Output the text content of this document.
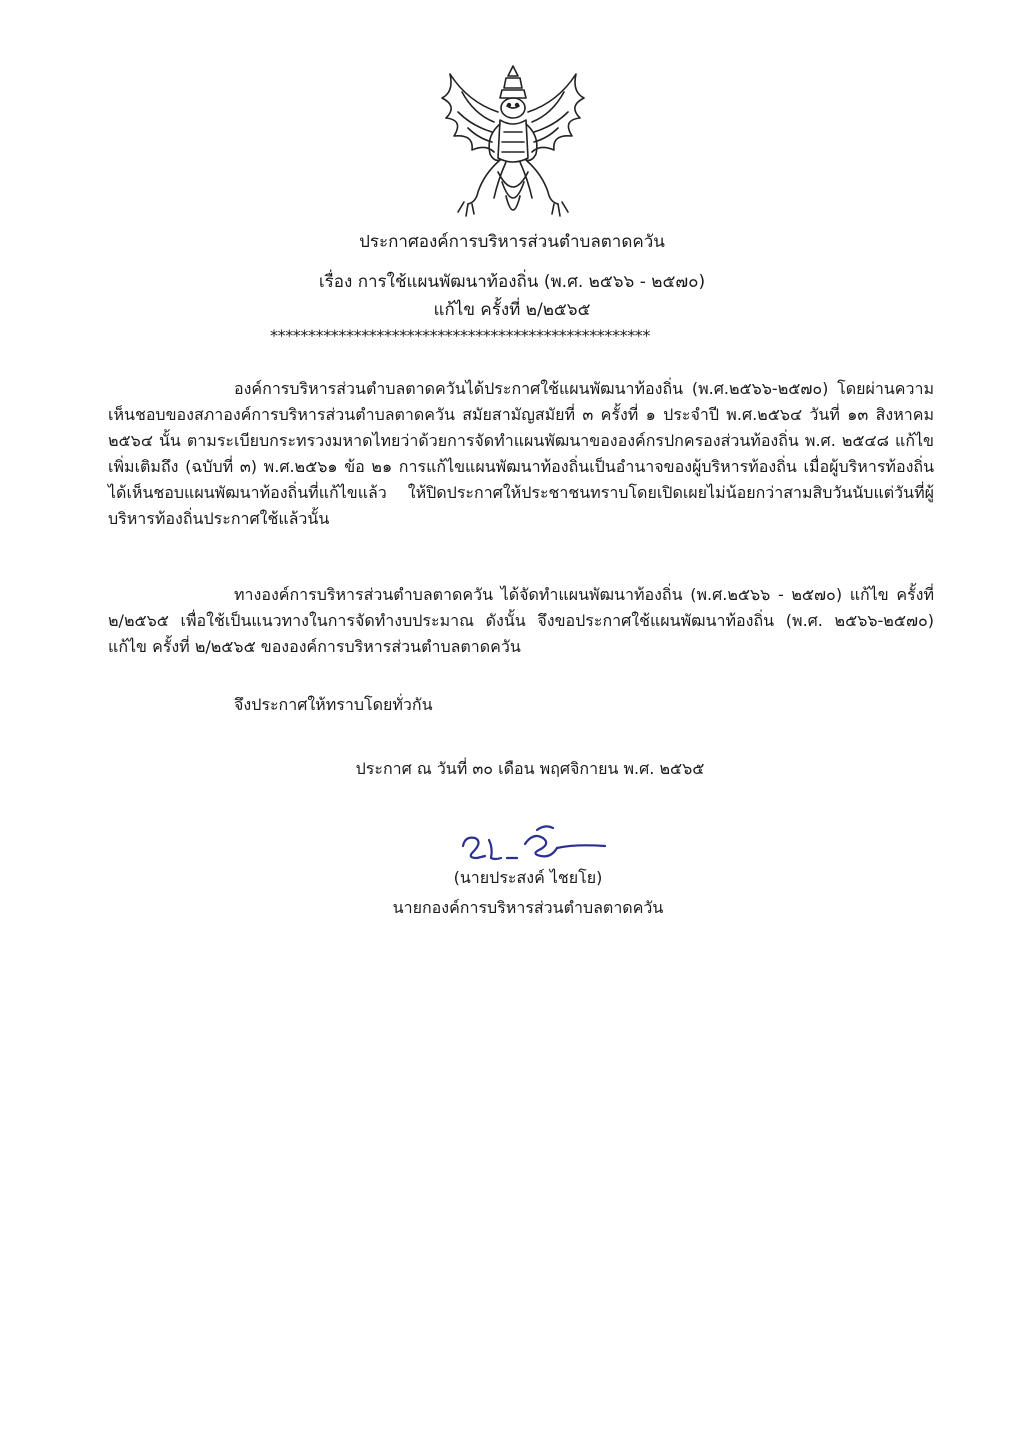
ประกาศองค์การบริหารส่วนตำบลตาดควัน
เรื่อง การใช้แผนพัฒนาท้องถิ่น (พ.ศ. ๒๕๖๖ - ๒๕๗๐)
แก้ไข ครั้งที่ ๒/๒๕๖๕
**************************************************
องค์การบริหารส่วนตำบลตาดควันได้ประกาศใช้แผนพัฒนาท้องถิ่น (พ.ศ.๒๕๖๖-๒๕๗๐) โดยผ่านความเห็นชอบของสภาองค์การบริหารส่วนตำบลตาดควัน สมัยสามัญสมัยที่ ๓ ครั้งที่ ๑ ประจำปี พ.ศ.๒๕๖๔ วันที่ ๑๓ สิงหาคม ๒๕๖๔ นั้น ตามระเบียบกระทรวงมหาดไทยว่าด้วยการจัดทำแผนพัฒนาขององค์กรปกครองส่วนท้องถิ่น พ.ศ. ๒๕๔๘ แก้ไขเพิ่มเติมถึง (ฉบับที่ ๓) พ.ศ.๒๕๖๑ ข้อ ๒๑ การแก้ไขแผนพัฒนาท้องถิ่นเป็นอำนาจของผู้บริหารท้องถิ่น เมื่อผู้บริหารท้องถิ่นได้เห็นชอบแผนพัฒนาท้องถิ่นที่แก้ไขแล้ว ให้ปิดประกาศให้ประชาชนทราบโดยเปิดเผยไม่น้อยกว่าสามสิบวันนับแต่วันที่ผู้บริหารท้องถิ่นประกาศใช้แล้วนั้น
ทางองค์การบริหารส่วนตำบลตาดควัน ได้จัดทำแผนพัฒนาท้องถิ่น (พ.ศ.๒๕๖๖ - ๒๕๗๐) แก้ไข ครั้งที่ ๒/๒๕๖๕ เพื่อใช้เป็นแนวทางในการจัดทำงบประมาณ ดังนั้น จึงขอประกาศใช้แผนพัฒนาท้องถิ่น (พ.ศ. ๒๕๖๖-๒๕๗๐) แก้ไข ครั้งที่ ๒/๒๕๖๕ ขององค์การบริหารส่วนตำบลตาดควัน
จึงประกาศให้ทราบโดยทั่วกัน
ประกาศ ณ วันที่ ๓๐ เดือน พฤศจิกายน พ.ศ. ๒๕๖๕
(นายประสงค์ ไชยโย)
นายกองค์การบริหารส่วนตำบลตาดควัน
